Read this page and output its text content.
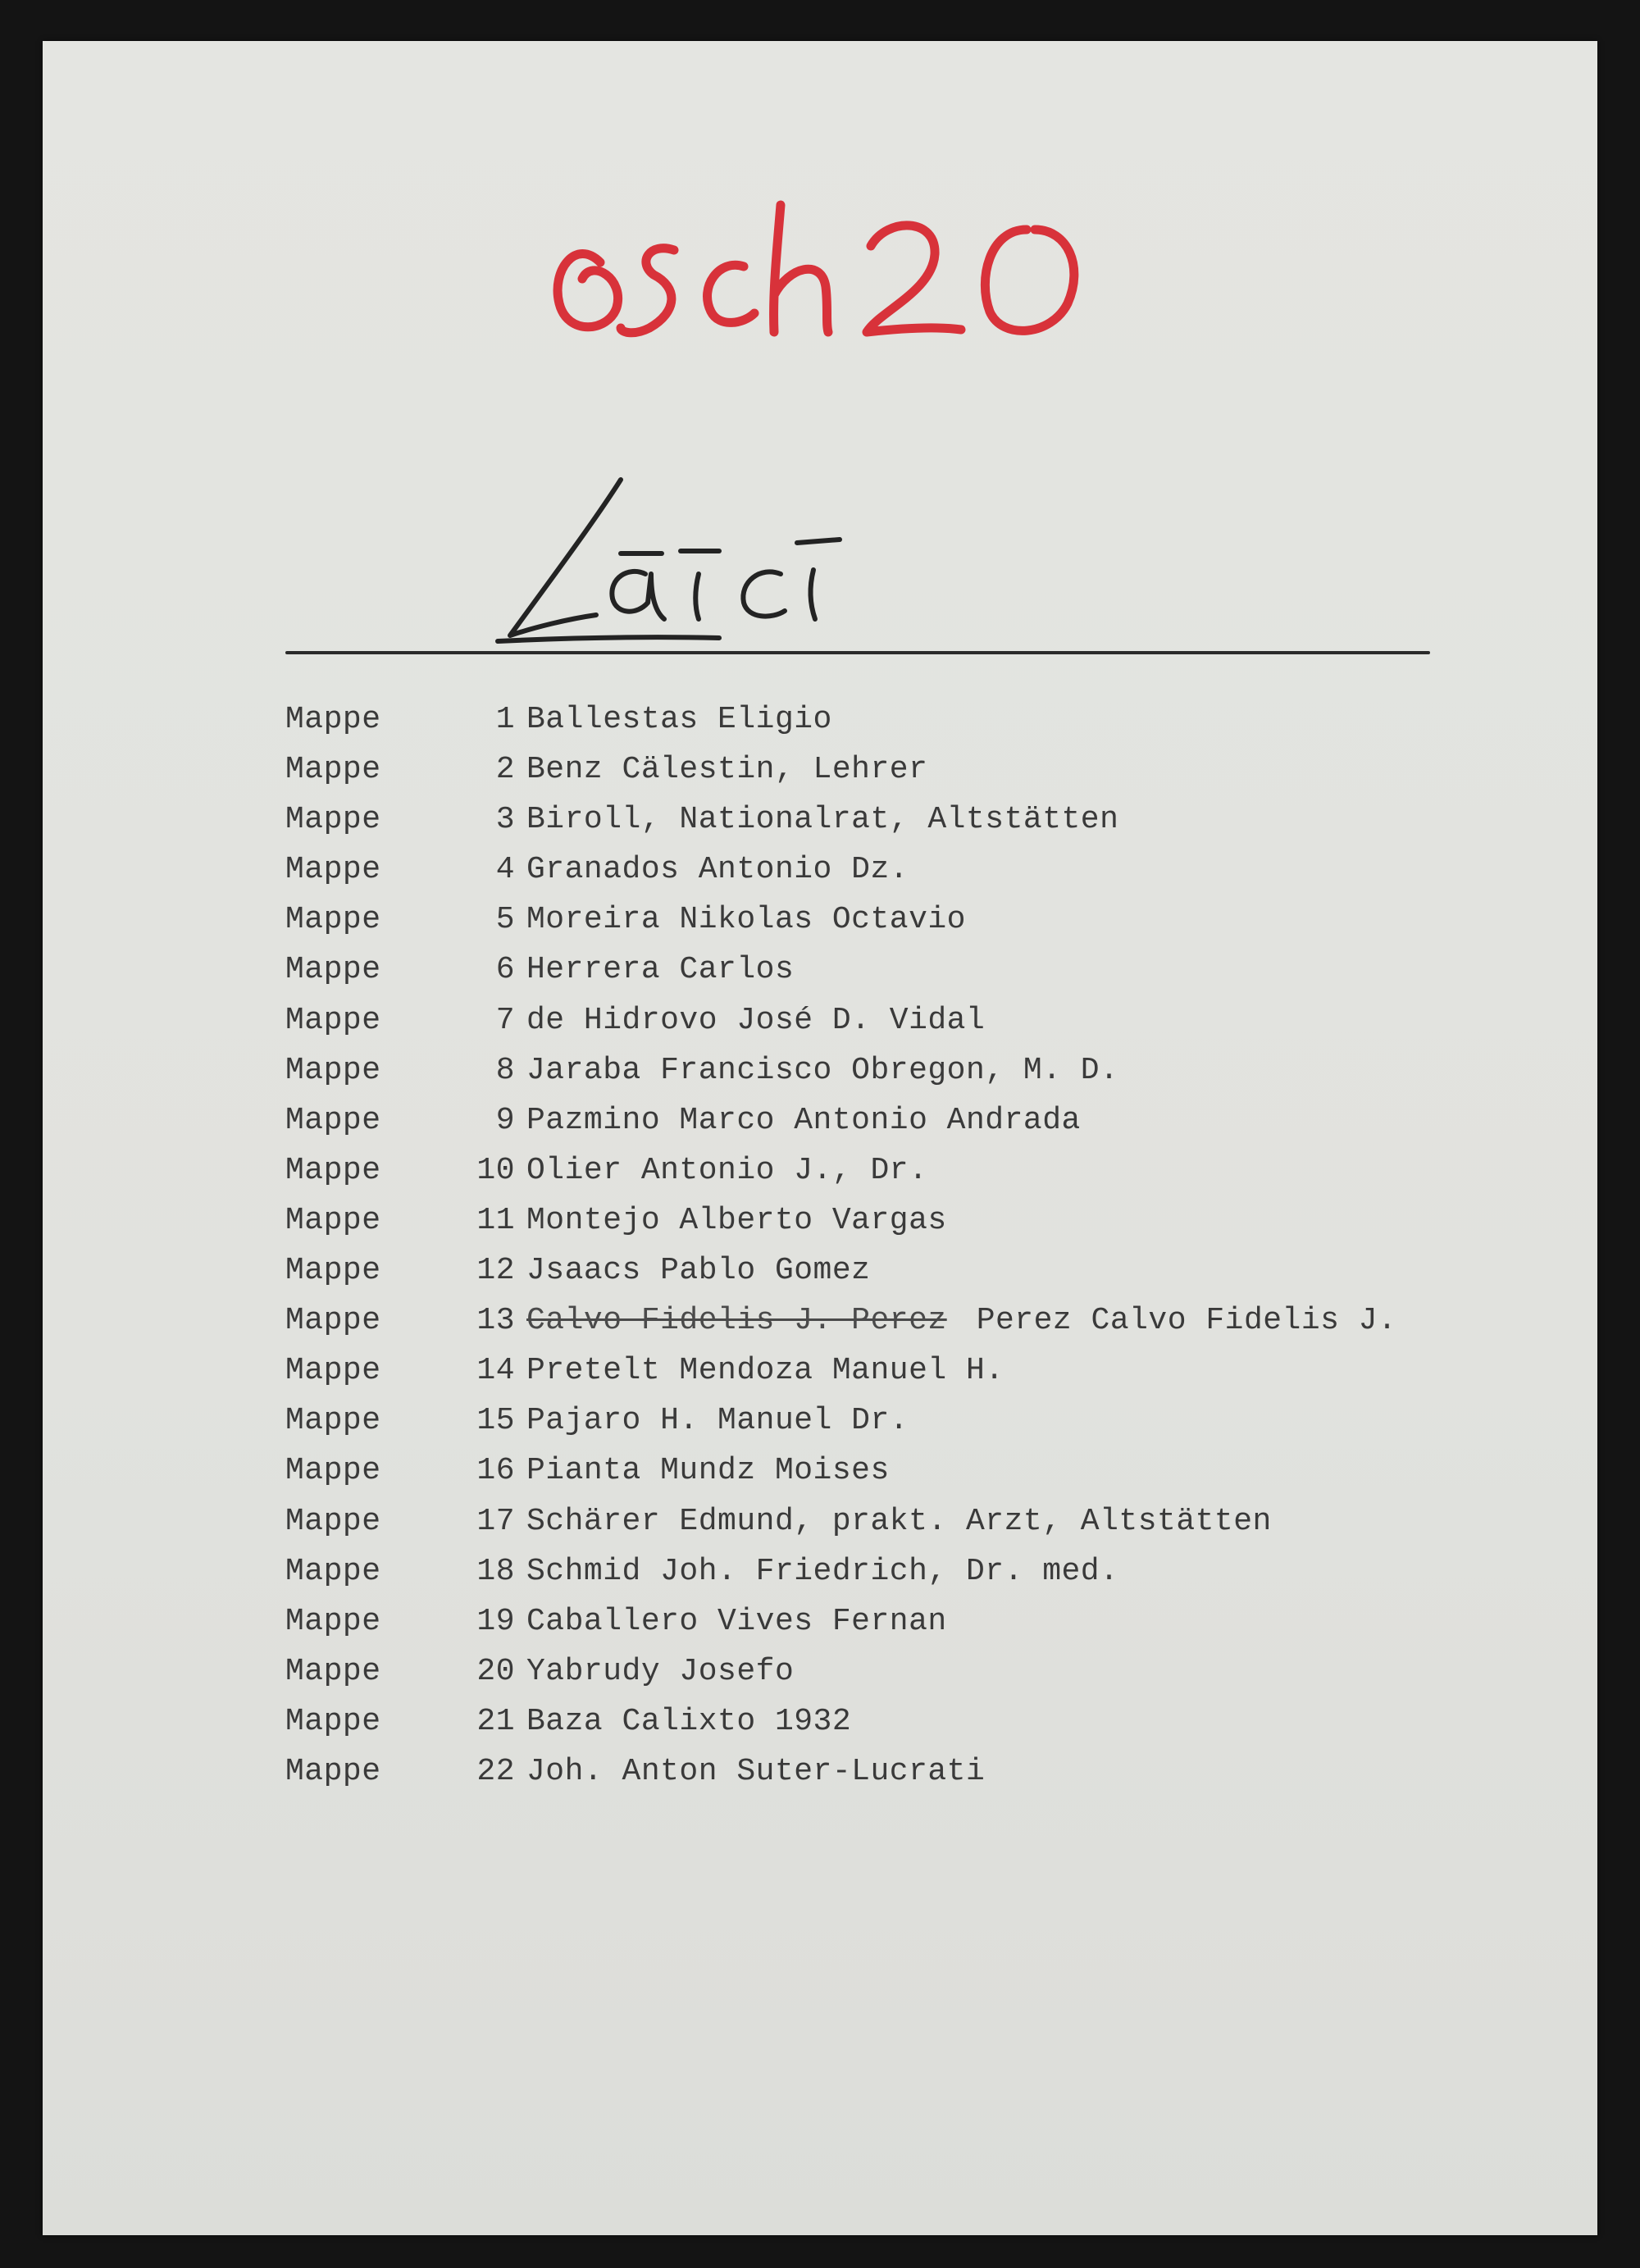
Mappe	1 Ballestas Eligio
Mappe	2 Benz Cälestin, Lehrer
Mappe	3 Biroll, Nationalrat, Altstätten
Mappe	4 Granados Antonio Dz.
Mappe	5 Moreira Nikolas Octavio
Mappe	6 Herrera Carlos
Mappe	7 de Hidrovo José D. Vidal
Mappe	8 Jaraba Francisco Obregon, M. D.
Mappe	9 Pazmino Marco Antonio Andrada
Mappe	10 Olier Antonio J., Dr.
Mappe	11 Montejo Alberto Vargas
Mappe	12 Jsaacs Pablo Gomez
Mappe	13 Calvo Fidelis J. Perez Perez Calvo Fidelis J.
Mappe	14 Pretelt Mendoza Manuel H.
Mappe	15 Pajaro H. Manuel Dr.
Mappe	16 Pianta Mundz Moises
Mappe	17 Schärer Edmund, prakt. Arzt, Altstätten
Mappe	18 Schmid Joh. Friedrich, Dr. med.
Mappe	19 Caballero Vives Fernan
Mappe	20 Yabrudy Josefo
Mappe	21 Baza Calixto 1932
Mappe	22 Joh. Anton Suter-Lucrati
